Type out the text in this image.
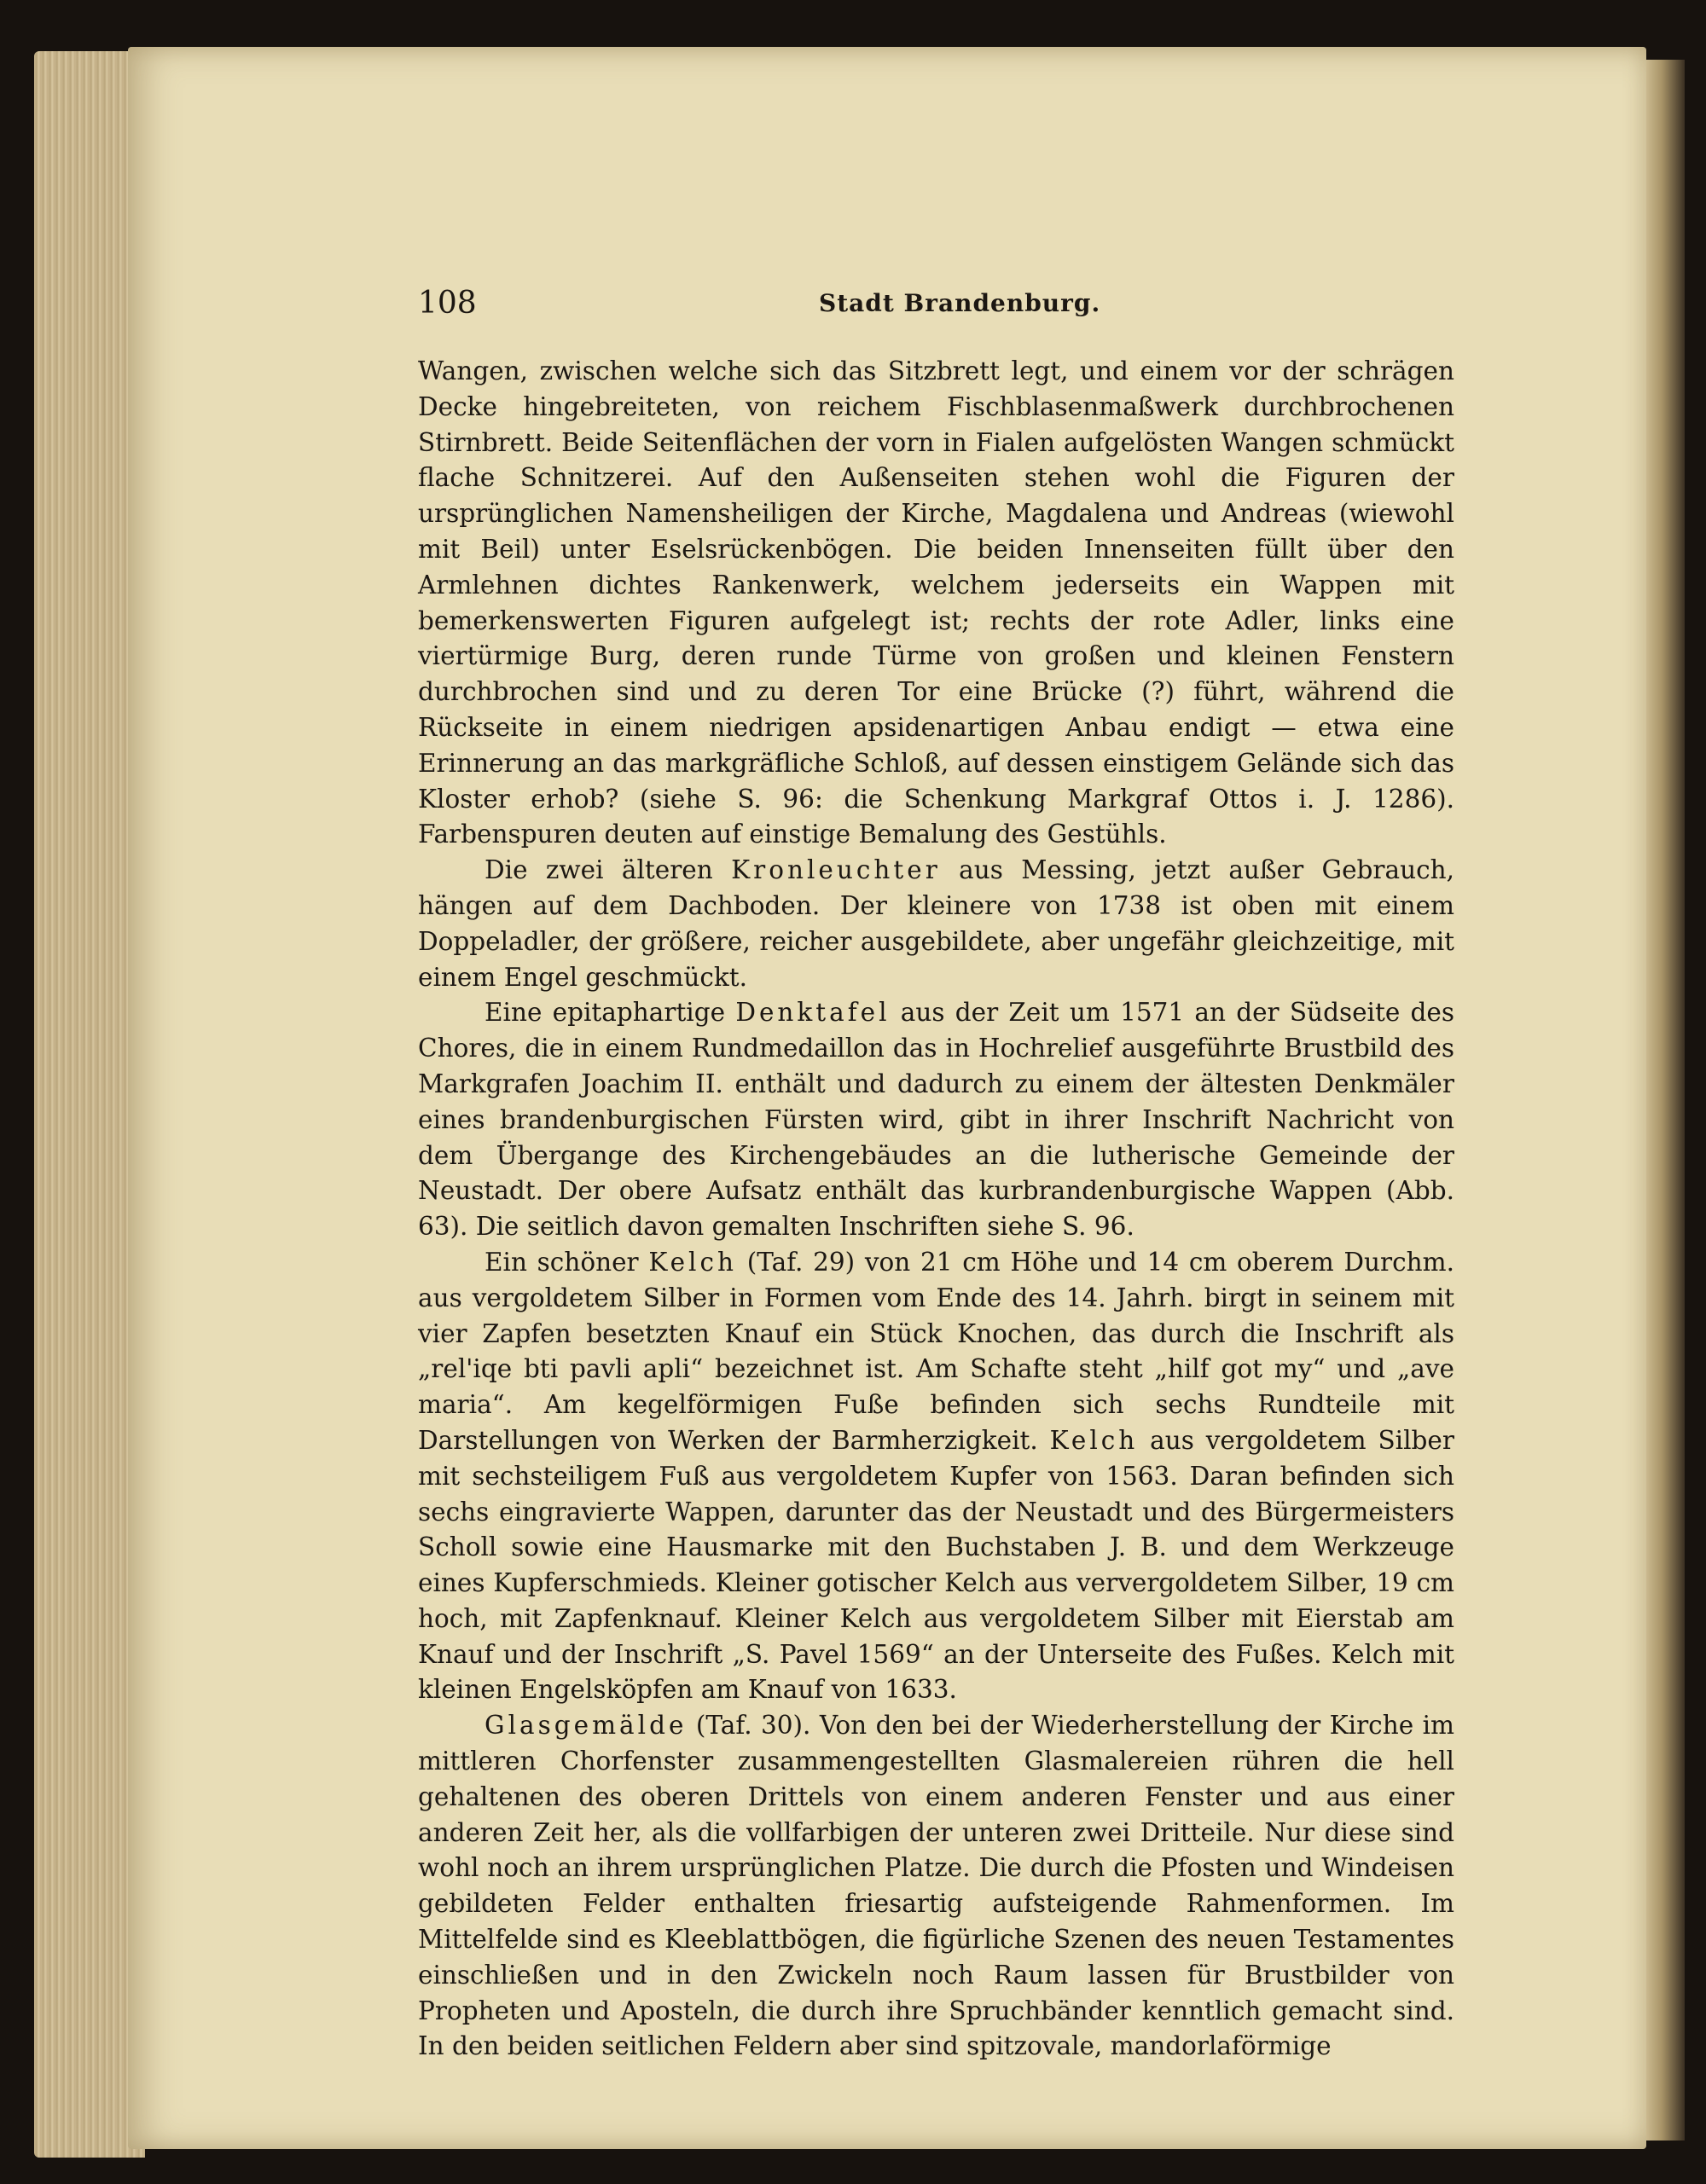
108	Stadt Brandenburg.

Wangen, zwischen welche sich das Sitzbrett legt, und einem vor der schrägen Decke hingebreiteten, von reichem Fischblasenmaßwerk durchbrochenen Stirnbrett. Beide Seitenflächen der vorn in Fialen aufgelösten Wangen schmückt flache Schnitzerei. Auf den Außenseiten stehen wohl die Figuren der ursprünglichen Namensheiligen der Kirche, Magdalena und Andreas (wiewohl mit Beil) unter Eselsrückenbögen. Die beiden Innenseiten füllt über den Armlehnen dichtes Rankenwerk, welchem jederseits ein Wappen mit bemerkenswerten Figuren aufgelegt ist; rechts der rote Adler, links eine viertürmige Burg, deren runde Türme von großen und kleinen Fenstern durchbrochen sind und zu deren Tor eine Brücke (?) führt, während die Rückseite in einem niedrigen apsidenartigen Anbau endigt — etwa eine Erinnerung an das markgräfliche Schloß, auf dessen einstigem Gelände sich das Kloster erhob? (siehe S. 96: die Schenkung Markgraf Ottos i. J. 1286). Farbenspuren deuten auf einstige Bemalung des Gestühls.

Die zwei älteren Kronleuchter aus Messing, jetzt außer Gebrauch, hängen auf dem Dachboden. Der kleinere von 1738 ist oben mit einem Doppeladler, der größere, reicher ausgebildete, aber ungefähr gleichzeitige, mit einem Engel geschmückt.

Eine epitaphartige Denktafel aus der Zeit um 1571 an der Südseite des Chores, die in einem Rundmedaillon das in Hochrelief ausgeführte Brustbild des Markgrafen Joachim II. enthält und dadurch zu einem der ältesten Denkmäler eines brandenburgischen Fürsten wird, gibt in ihrer Inschrift Nachricht von dem Übergange des Kirchengebäudes an die lutherische Gemeinde der Neustadt. Der obere Aufsatz enthält das kurbrandenburgische Wappen (Abb. 63). Die seitlich davon gemalten Inschriften siehe S. 96.

Ein schöner Kelch (Taf. 29) von 21 cm Höhe und 14 cm oberem Durchm. aus vergoldetem Silber in Formen vom Ende des 14. Jahrh. birgt in seinem mit vier Zapfen besetzten Knauf ein Stück Knochen, das durch die Inschrift als „rel'iqe bti pavli apli“ bezeichnet ist. Am Schafte steht „hilf got my“ und „ave maria“. Am kegelförmigen Fuße befinden sich sechs Rundteile mit Darstellungen von Werken der Barmherzigkeit. Kelch aus vergoldetem Silber mit sechsteiligem Fuß aus vergoldetem Kupfer von 1563. Daran befinden sich sechs eingravierte Wappen, darunter das der Neustadt und des Bürgermeisters Scholl sowie eine Hausmarke mit den Buchstaben J. B. und dem Werkzeuge eines Kupferschmieds. Kleiner gotischer Kelch aus ververgoldetem Silber, 19 cm hoch, mit Zapfenknauf. Kleiner Kelch aus vergoldetem Silber mit Eierstab am Knauf und der Inschrift „S. Pavel 1569“ an der Unterseite des Fußes. Kelch mit kleinen Engelsköpfen am Knauf von 1633.

Glasgemälde (Taf. 30). Von den bei der Wiederherstellung der Kirche im mittleren Chorfenster zusammengestellten Glasmalereien rühren die hell gehaltenen des oberen Drittels von einem anderen Fenster und aus einer anderen Zeit her, als die vollfarbigen der unteren zwei Dritteile. Nur diese sind wohl noch an ihrem ursprünglichen Platze. Die durch die Pfosten und Windeisen gebildeten Felder enthalten friesartig aufsteigende Rahmenformen. Im Mittelfelde sind es Kleeblattbögen, die figürliche Szenen des neuen Testamentes einschließen und in den Zwickeln noch Raum lassen für Brustbilder von Propheten und Aposteln, die durch ihre Spruchbänder kenntlich gemacht sind. In den beiden seitlichen Feldern aber sind spitzovale, mandorlaförmige
